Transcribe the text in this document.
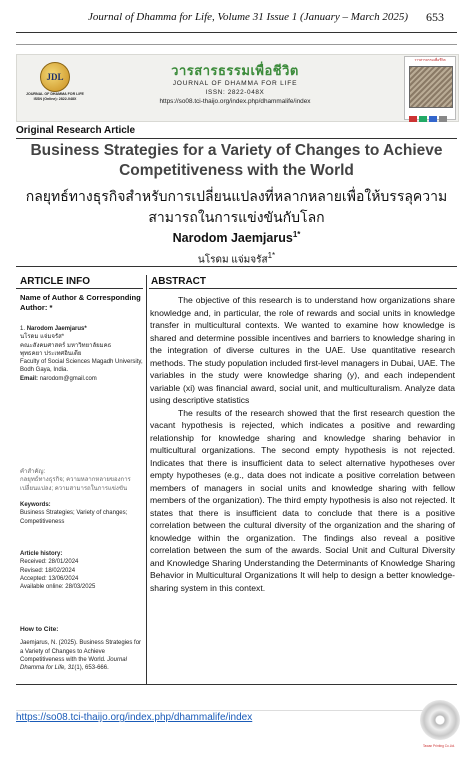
Journal of Dhamma for Life, Volume 31 Issue 1 (January – March 2025) 653
JDL
JOURNAL OF DHAMMA FOR LIFE ISSN (Online): 2822-048X
วารสารธรรมเพื่อชีวิต
JOURNAL OF DHAMMA FOR LIFE
ISSN: 2822-048X
https://so08.tci-thaijo.org/index.php/dhammalife/index
วารสารธรรมเพื่อชีวิต
Original Research Article
Business Strategies for a Variety of Changes to Achieve Competitiveness with the World
กลยุทธ์ทางธุรกิจสำหรับการเปลี่ยนแปลงที่หลากหลายเพื่อให้บรรลุความสามารถในการแข่งขันกับโลก
Narodom Jaemjarus$^{1*}$
นโรดม แจ่มจรัส$^{1*}$
ARTICLE INFO
Name of Author & Corresponding Author: *
1. Narodom Jaemjarus*
นโรดม แจ่มจรัส*
คณะสังคมศาสตร์ มหาวิทยาลัยมคธ
พุทธคยา ประเทศอินเดีย
Faculty of Social Sciences Magadh University, Bodh Gaya, India.
Email: narodom@gmail.com
คำสำคัญ:
กลยุทธ์ทางธุรกิจ; ความหลากหลายของการเปลี่ยนแปลง; ความสามารถในการแข่งขัน
Keywords:
Business Strategies; Variety of changes; Competitiveness
Article history:
Received: 28/01/2024
Revised: 18/02/2024
Accepted: 13/06/2024
Available online: 28/03/2025
How to Cite:
Jaemjarus, N. (2025). Business Strategies for a Variety of Changes to Achieve Competitiveness with the World. Journal Dhamma for Life, 31(1), 653-666.
ABSTRACT

The objective of this research is to understand how organizations share knowledge and, in particular, the role of rewards and social units in knowledge transfer in multicultural contexts. We wanted to examine how knowledge is shared and determine possible incentives and barriers to knowledge sharing in the integration of diverse cultures in the UAE. Use quantitative research methods. The study population included first-level managers in Dubai, UAE. The variables in the study were knowledge sharing (y), and each independent variable (xi) was financial award, social unit, and multiculturalism. Analyze data using descriptive statistics

The results of the research showed that the first research question the vacant hypothesis is rejected, which indicates a positive and rewarding relationship for knowledge sharing and knowledge sharing behavior in multicultural organizations. The second empty hypothesis is not rejected. Indicates that there is insufficient data to select alternative hypotheses over empty hypotheses (e.g., data does not indicate a positive correlation between members of managers in social units and knowledge sharing with fellow members of the organization). The third empty hypothesis is also not rejected. It states that there is insufficient data to conclude that there is a positive correlation between the cultural diversity of the organization and the sharing of knowledge within the organization. The findings also reveal a positive correlation between the sum of the awards. Social Unit and Cultural Diversity and Knowledge Sharing Understanding the Determinants of Knowledge Sharing Behavior in Multicultural Organizations It will help to design a better knowledge-sharing system in this context.

https://so08.tci-thaijo.org/index.php/dhammalife/index
Tawan Printing Co.Ltd.
